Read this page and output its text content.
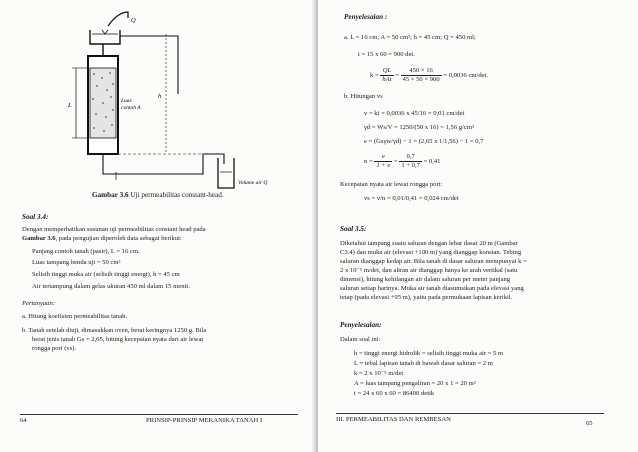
Q
h
L
Luas
contoh A
Volume air Q
Gambar 3.6 Uji permeabilitas constant-head.
Soal 3.4:
Dengan memperhatikan susunan uji permeabilitas constant head pada
Gambar 3.6, pada pengujian diperoleh data sebagai berikut:
Panjang contoh tanah (pasir), L = 16 cm.
Luas tampang benda uji = 50 cm²
Selisih tinggi muka air (selisih tinggi energi), h = 45 cm
Air tertampung dalam gelas ukuran 450 ml dalam 15 menit.
Pertanyaan:
a. Hitung koefisien permeabilitas tanah.
b. Tanah setelah diuji, dimasukkan oven, berat keringnya 1250 g. Bila
berat jenis tanah Gs = 2,65, hitung kecepatan nyata dari air lewat
rongga pori (vs).
64	PRINSIP-PRINSIP MEKANIKA TANAH I
Penyelesaian :
a. L = 16 cm; A = 50 cm²; h = 45 cm; Q = 450 ml;
t = 15 x 60 = 900 det.
$k = \frac{QL}{\text{hAt}} = \frac{450 \times 16}{45 \times 50 \times 900} = 0,0036$ cm/det.
b. Hitungan vs
v = ki = 0,0036 x 45/16 = 0,01 cm/det
γd = Ws/V = 1250/(50 x 16) = 1,56 g/cm³
e = (Gsγw/γd) − 1 = (2,65 x 1/1,56) − 1 = 0,7
$n = \frac{e}{1 + e} = \frac{0,7}{1 + 0,7} = 0,41$
Kecepatan nyata air lewat rongga pori:
vs = v/n = 0,01/0,41 = 0,024 cm/det
Soal 3.5:
Diketahui tampang suatu saluran dengan lebar dasar 20 m (Gambar
C3.4) dan muka air (elevasi +100 m) yang dianggap konstan. Tebing
saluran dianggap kedap air. Bila tanah di dasar saluran mempunyai k =
2 x 10⁻⁵ m/det, dan aliran air dianggap hanya ke arah vertikal (satu
dimensi), hitung kehilangan air dalam saluran per meter panjang
saluran setiap harinya. Muka air tanah diasumsikan pada elevasi yang
tetap (pada elevasi +95 m), yaitu pada permukaan lapisan kerikil.
Penyelesaian:
Dalam soal ini:
h = tinggi energi hidrolik = selisih tinggi muka air = 5 m
L = tebal lapisan tanah di bawah dasar saluran = 2 m
k = 2 x 10⁻⁵ m/det
A = luas tampang pengaliran = 20 x 1 = 20 m²
t = 24 x 60 x 60 = 86400 detik
III. PERMEABILITAS DAN REMBESAN
65
